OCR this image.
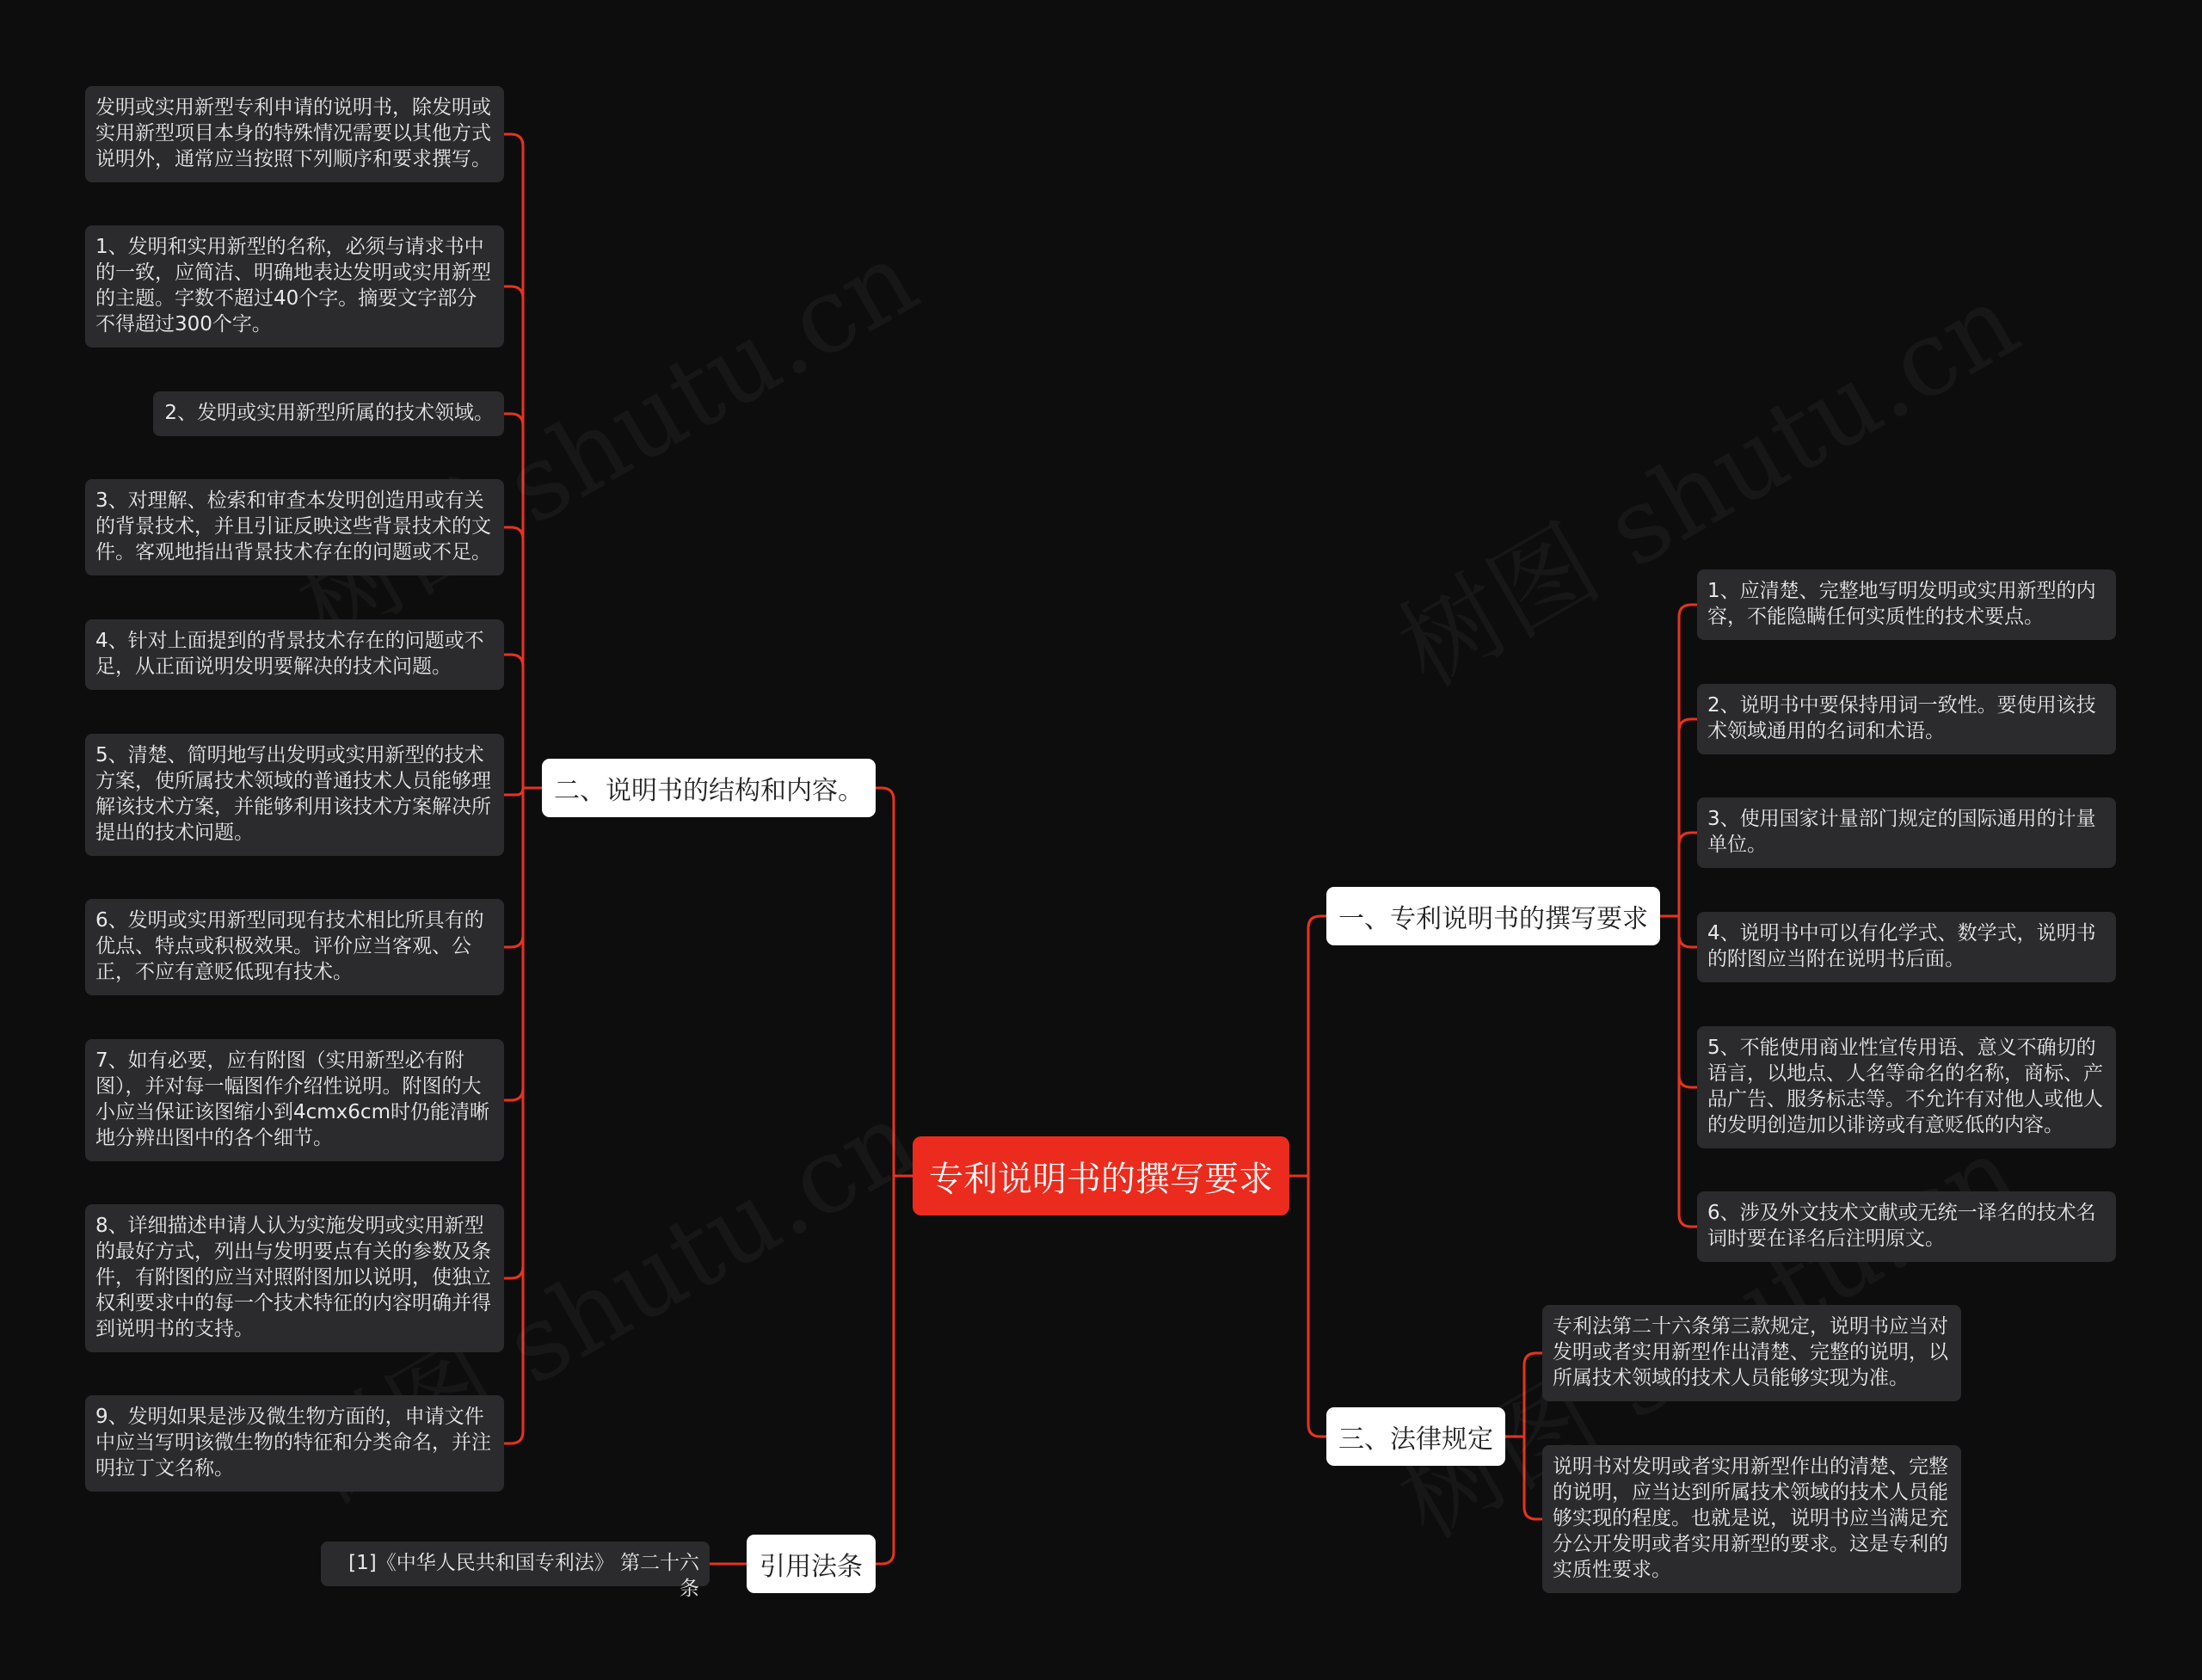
专利说明书的撰写要求
二、说明书的结构和内容。
发明或实用新型专利申请的说明书，除发明或实用新型项目本身的特殊情况需要以其他方式说明外，通常应当按照下列顺序和要求撰写。
1、发明和实用新型的名称，必须与请求书中的一致，应简洁、明确地表达发明或实用新型的主题。字数不超过40个字。摘要文字部分不得超过300个字。
2、发明或实用新型所属的技术领域。
3、对理解、检索和审查本发明创造用或有关的背景技术，并且引证反映这些背景技术的文件。客观地指出背景技术存在的问题或不足。
4、针对上面提到的背景技术存在的问题或不足，从正面说明发明要解决的技术问题。
5、清楚、简明地写出发明或实用新型的技术方案，使所属技术领域的普通技术人员能够理解该技术方案，并能够利用该技术方案解决所提出的技术问题。
6、发明或实用新型同现有技术相比所具有的优点、特点或积极效果。评价应当客观、公正，不应有意贬低现有技术。
7、如有必要，应有附图（实用新型必有附图），并对每一幅图作介绍性说明。附图的大小应当保证该图缩小到4cmx6cm时仍能清晰地分辨出图中的各个细节。
8、详细描述申请人认为实施发明或实用新型的最好方式，列出与发明要点有关的参数及条件，有附图的应当对照附图加以说明，使独立权利要求中的每一个技术特征的内容明确并得到说明书的支持。
9、发明如果是涉及微生物方面的，申请文件中应当写明该微生物的特征和分类命名，并注明拉丁文名称。
引用法条
[1]《中华人民共和国专利法》 第二十六条
一、专利说明书的撰写要求
1、应清楚、完整地写明发明或实用新型的内容，不能隐瞒任何实质性的技术要点。
2、说明书中要保持用词一致性。要使用该技术领域通用的名词和术语。
3、使用国家计量部门规定的国际通用的计量单位。
4、说明书中可以有化学式、数学式，说明书的附图应当附在说明书后面。
5、不能使用商业性宣传用语、意义不确切的语言，以地点、人名等命名的名称，商标、产品广告、服务标志等。不允许有对他人或他人的发明创造加以诽谤或有意贬低的内容。
6、涉及外文技术文献或无统一译名的技术名词时要在译名后注明原文。
三、法律规定
专利法第二十六条第三款规定，说明书应当对发明或者实用新型作出清楚、完整的说明，以所属技术领域的技术人员能够实现为准。
说明书对发明或者实用新型作出的清楚、完整的说明，应当达到所属技术领域的技术人员能够实现的程度。也就是说，说明书应当满足充分公开发明或者实用新型的要求。这是专利的实质性要求。
